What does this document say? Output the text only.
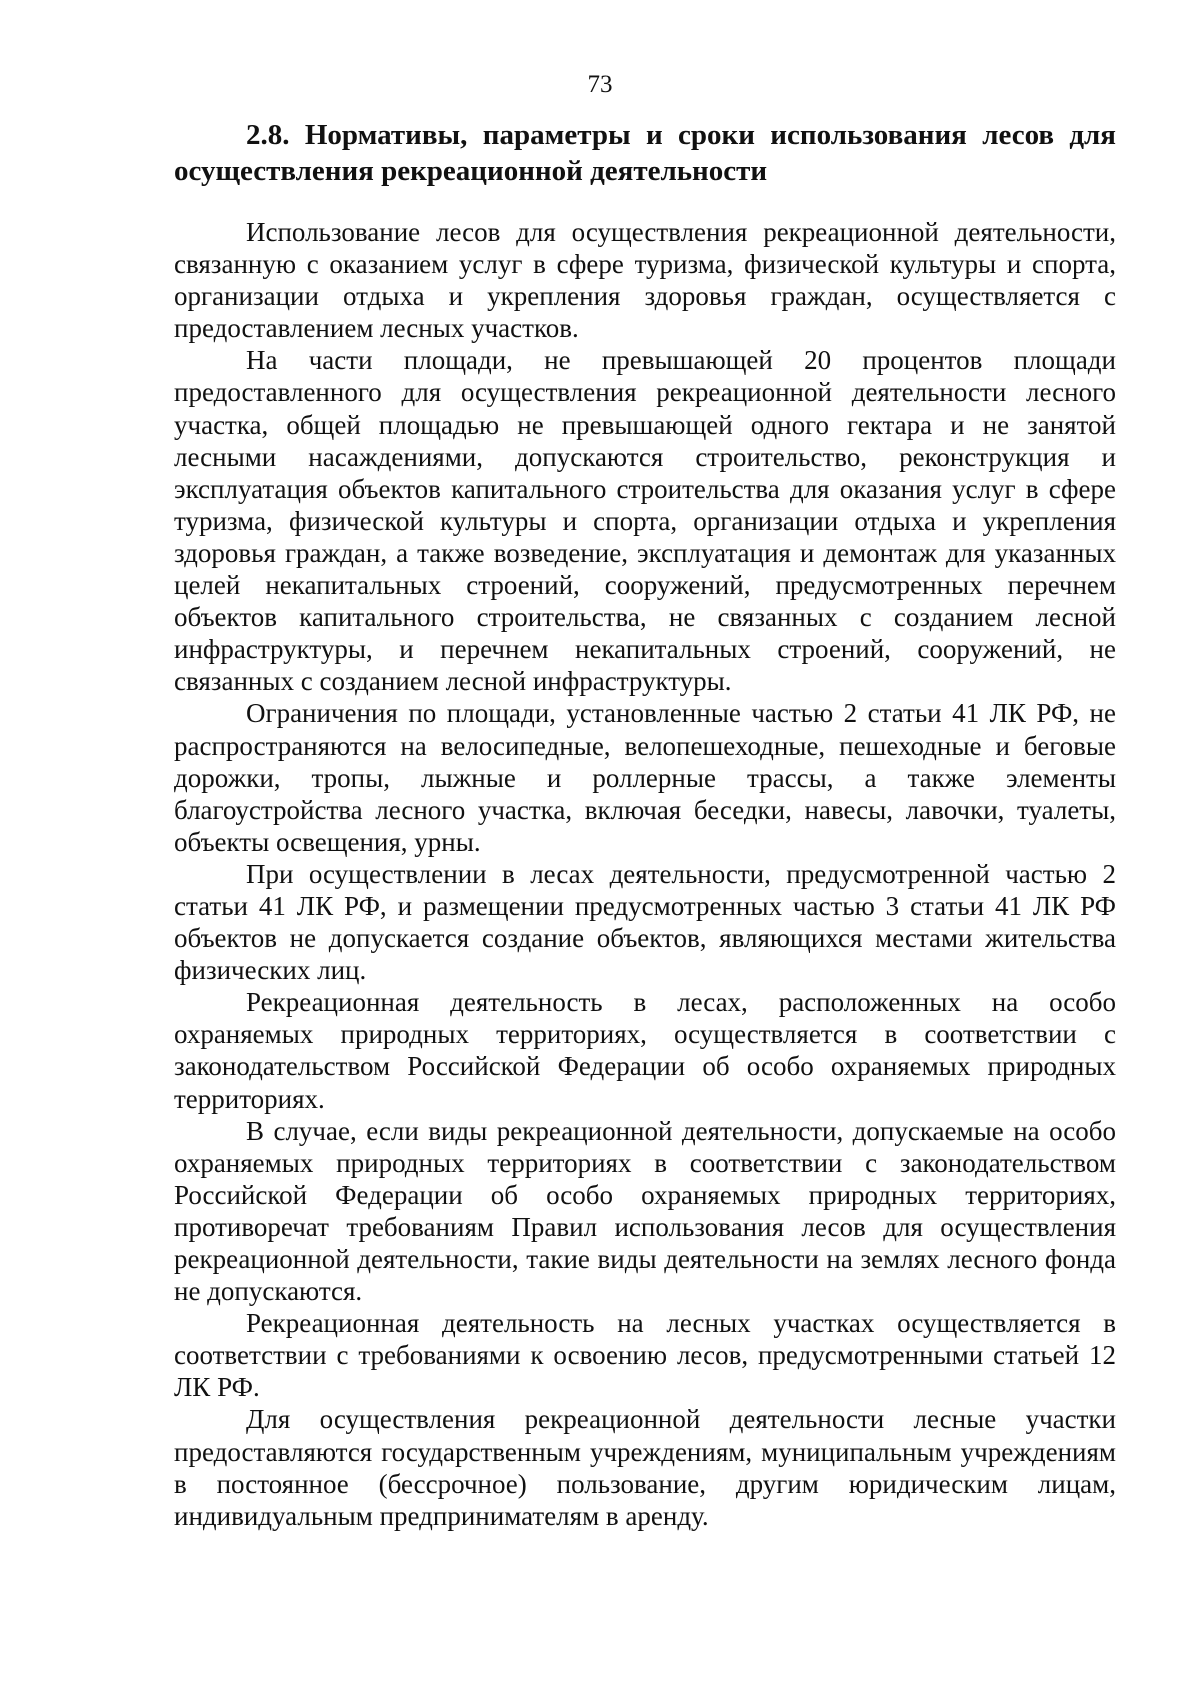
73
2.8. Нормативы, параметры и сроки использования лесов для осуществления рекреационной деятельности

Использование лесов для осуществления рекреационной деятельности, связанную с оказанием услуг в сфере туризма, физической культуры и спорта, организации отдыха и укрепления здоровья граждан, осуществляется с предоставлением лесных участков.

На части площади, не превышающей 20 процентов площади предоставленного для осуществления рекреационной деятельности лесного участка, общей площадью не превышающей одного гектара и не занятой лесными насаждениями, допускаются строительство, реконструкция и эксплуатация объектов капитального строительства для оказания услуг в сфере туризма, физической культуры и спорта, организации отдыха и укрепления здоровья граждан, а также возведение, эксплуатация и демонтаж для указанных целей некапитальных строений, сооружений, предусмотренных перечнем объектов капитального строительства, не связанных с созданием лесной инфраструктуры, и перечнем некапитальных строений, сооружений, не связанных с созданием лесной инфраструктуры.

Ограничения по площади, установленные частью 2 статьи 41 ЛК РФ, не распространяются на велосипедные, велопешеходные, пешеходные и беговые дорожки, тропы, лыжные и роллерные трассы, а также элементы благоустройства лесного участка, включая беседки, навесы, лавочки, туалеты, объекты освещения, урны.

При осуществлении в лесах деятельности, предусмотренной частью 2 статьи 41 ЛК РФ, и размещении предусмотренных частью 3 статьи 41 ЛК РФ объектов не допускается создание объектов, являющихся местами жительства физических лиц.

Рекреационная деятельность в лесах, расположенных на особо охраняемых природных территориях, осуществляется в соответствии с законодательством Российской Федерации об особо охраняемых природных территориях.

В случае, если виды рекреационной деятельности, допускаемые на особо охраняемых природных территориях в соответствии с законодательством Российской Федерации об особо охраняемых природных территориях, противоречат требованиям Правил использования лесов для осуществления рекреационной деятельности, такие виды деятельности на землях лесного фонда не допускаются.

Рекреационная деятельность на лесных участках осуществляется в соответствии с требованиями к освоению лесов, предусмотренными статьей 12 ЛК РФ.

Для осуществления рекреационной деятельности лесные участки предоставляются государственным учреждениям, муниципальным учреждениям в постоянное (бессрочное) пользование, другим юридическим лицам, индивидуальным предпринимателям в аренду.
